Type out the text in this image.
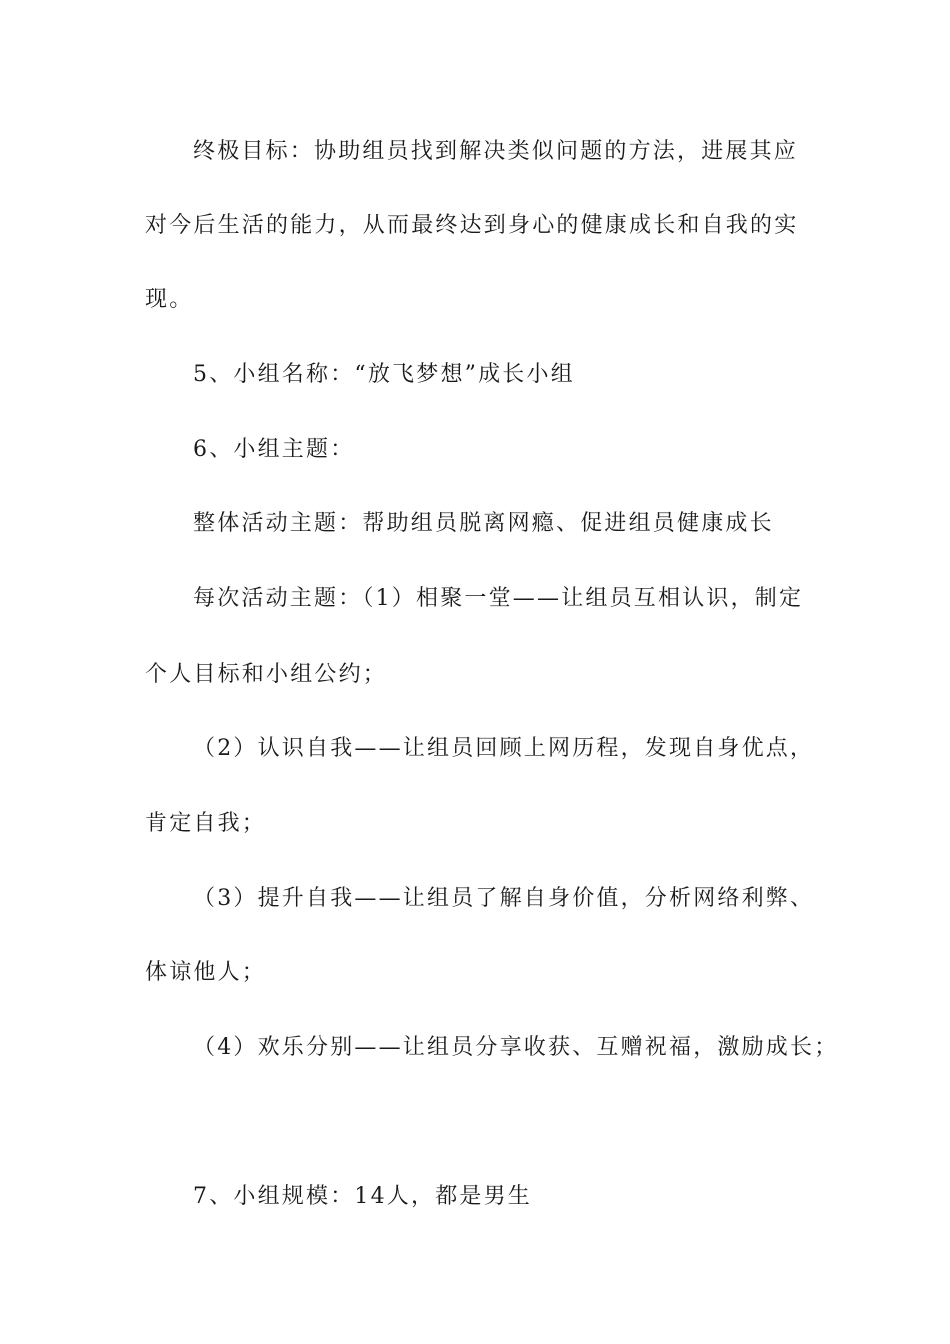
终极目标：协助组员找到解决类似问题的方法，进展其应
对今后生活的能力，从而最终达到身心的健康成长和自我的实
现。
5、小组名称：“放飞梦想”成长小组
6、小组主题：
整体活动主题：帮助组员脱离网瘾、促进组员健康成长
每次活动主题：（1）相聚一堂——让组员互相认识，制定
个人目标和小组公约；
（2）认识自我——让组员回顾上网历程，发现自身优点，
肯定自我；
（3）提升自我——让组员了解自身价值，分析网络利弊、
体谅他人；
（4）欢乐分别——让组员分享收获、互赠祝福，激励成长；
7、小组规模：14人，都是男生
